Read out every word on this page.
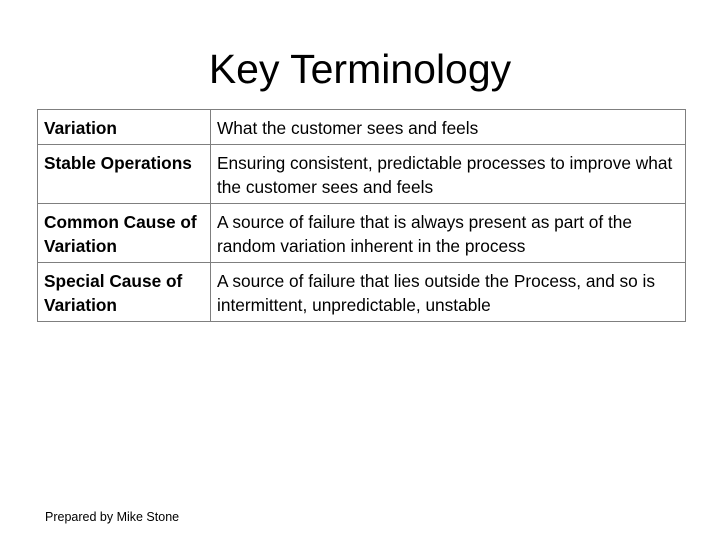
Key Terminology
Variation	What the customer sees and feels
Stable Operations	Ensuring consistent, predictable processes to improve what the customer sees and feels
Common Cause of Variation	A source of failure that is always present as part of the random variation inherent in the process
Special Cause of Variation	A source of failure that lies outside the Process, and so is intermittent, unpredictable, unstable
Prepared by Mike Stone
